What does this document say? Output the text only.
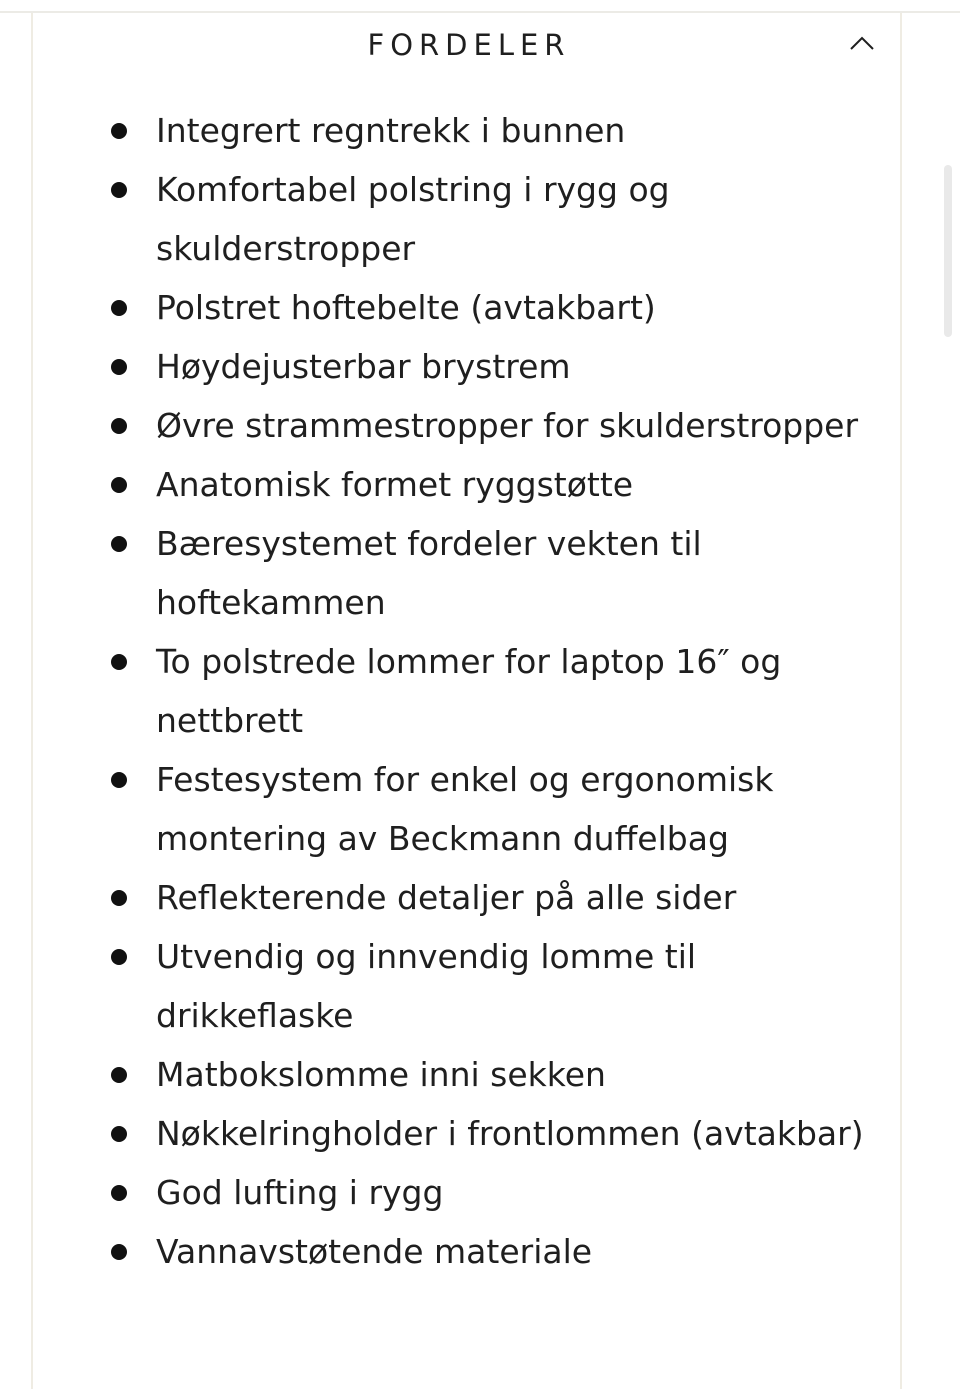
FORDELER
Integrert regntrekk i bunnen
Komfortabel polstring i rygg og skulderstropper
Polstret hoftebelte (avtakbart)
Høydejusterbar brystrem
Øvre strammestropper for skulderstropper
Anatomisk formet ryggstøtte
Bæresystemet fordeler vekten til hoftekammen
To polstrede lommer for laptop 16″ og nettbrett
Festesystem for enkel og ergonomisk montering av Beckmann duffelbag
Reflekterende detaljer på alle sider
Utvendig og innvendig lomme til drikkeflaske
Matbokslomme inni sekken
Nøkkelringholder i frontlommen (avtakbar)
God lufting i rygg
Vannavstøtende materiale
